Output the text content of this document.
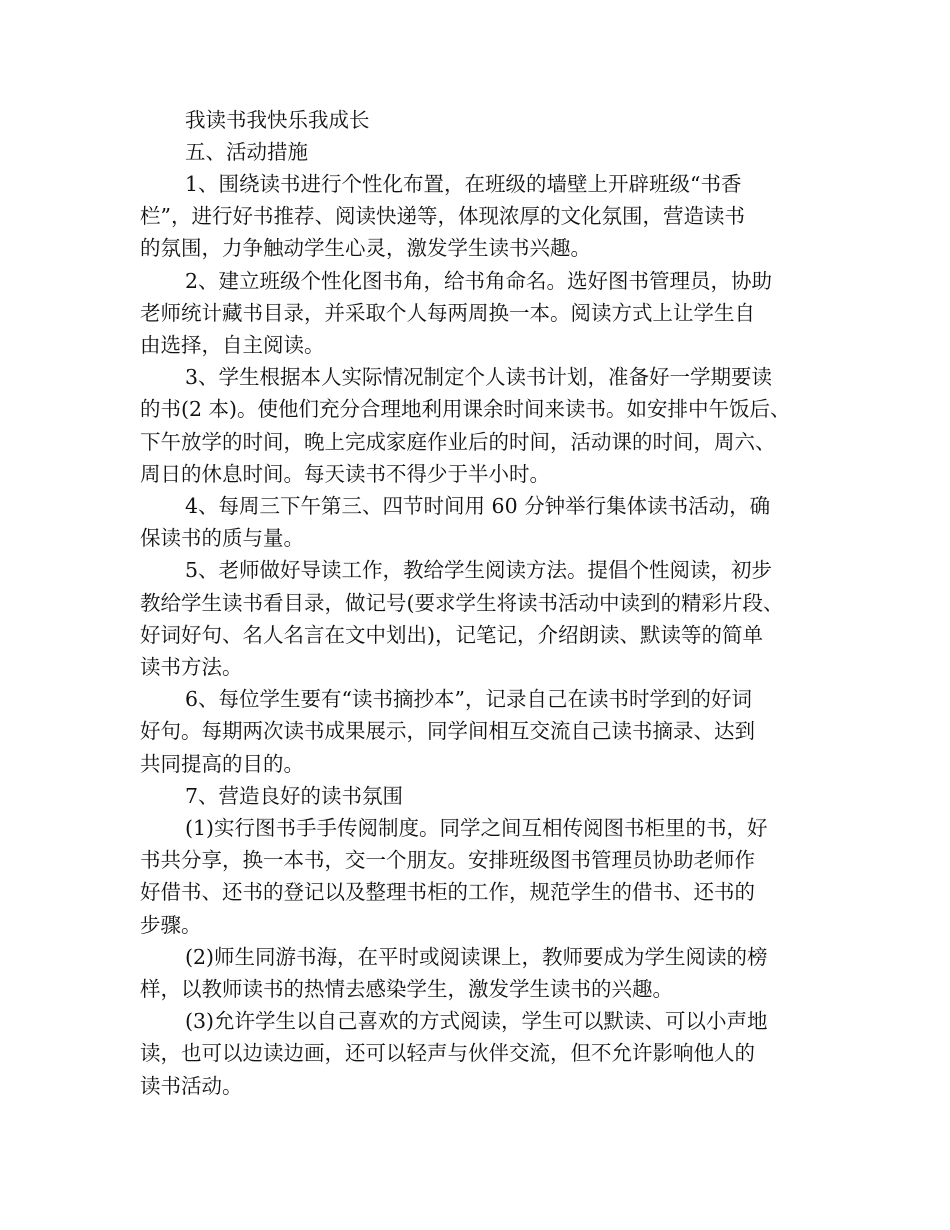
我读书我快乐我成长
五、活动措施
1、围绕读书进行个性化布置，在班级的墙壁上开辟班级“书香
栏”，进行好书推荐、阅读快递等，体现浓厚的文化氛围，营造读书
的氛围，力争触动学生心灵，激发学生读书兴趣。
2、建立班级个性化图书角，给书角命名。选好图书管理员，协助
老师统计藏书目录，并采取个人每两周换一本。阅读方式上让学生自
由选择，自主阅读。
3、学生根据本人实际情况制定个人读书计划，准备好一学期要读
的书(2 本)。使他们充分合理地利用课余时间来读书。如安排中午饭后、
下午放学的时间，晚上完成家庭作业后的时间，活动课的时间，周六、
周日的休息时间。每天读书不得少于半小时。
4、每周三下午第三、四节时间用 60 分钟举行集体读书活动，确
保读书的质与量。
5、老师做好导读工作，教给学生阅读方法。提倡个性阅读，初步
教给学生读书看目录，做记号(要求学生将读书活动中读到的精彩片段、
好词好句、名人名言在文中划出)，记笔记，介绍朗读、默读等的简单
读书方法。
6、每位学生要有“读书摘抄本”，记录自己在读书时学到的好词
好句。每期两次读书成果展示，同学间相互交流自己读书摘录、达到
共同提高的目的。
7、营造良好的读书氛围
(1)实行图书手手传阅制度。同学之间互相传阅图书柜里的书，好
书共分享，换一本书，交一个朋友。安排班级图书管理员协助老师作
好借书、还书的登记以及整理书柜的工作，规范学生的借书、还书的
步骤。
(2)师生同游书海，在平时或阅读课上，教师要成为学生阅读的榜
样，以教师读书的热情去感染学生，激发学生读书的兴趣。
(3)允许学生以自己喜欢的方式阅读，学生可以默读、可以小声地
读，也可以边读边画，还可以轻声与伙伴交流，但不允许影响他人的
读书活动。
